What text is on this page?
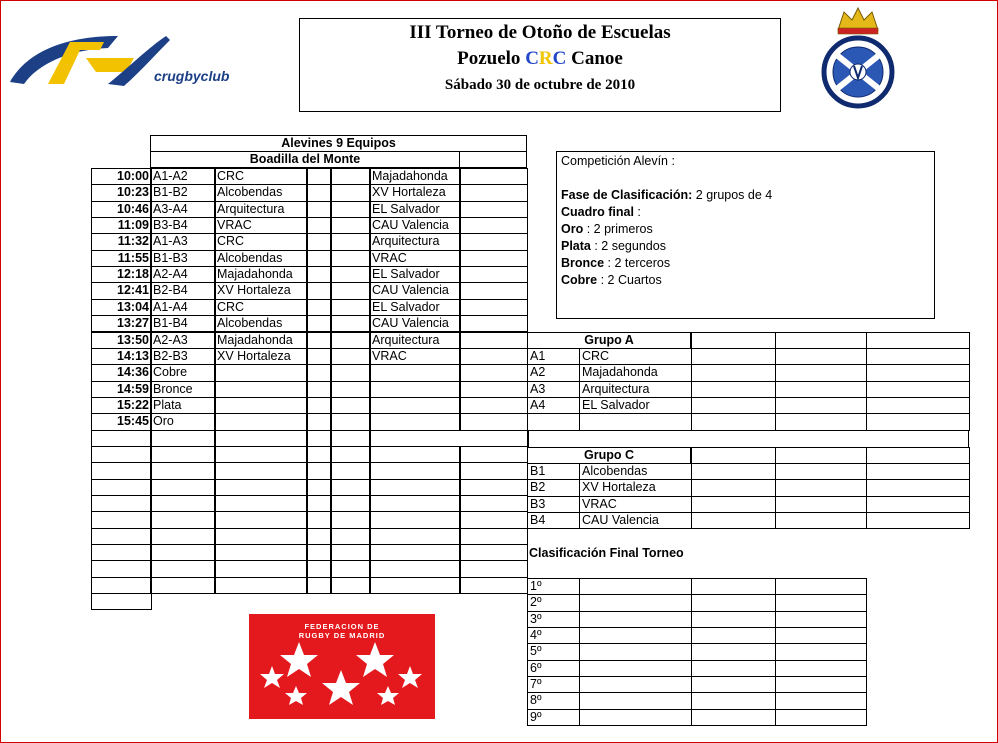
crugbyclub
III Torneo de Otoño de Escuelas
Pozuelo CRC Canoe
Sábado 30 de octubre de 2010
Alevines 9 Equipos
Boadilla del Monte
10:00 A1-A2	CRC	Majadahonda
10:23 B1-B2	Alcobendas	XV Hortaleza
10:46 A3-A4	Arquitectura	EL Salvador
11:09 B3-B4	VRAC	CAU Valencia
11:32 A1-A3	CRC	Arquitectura
11:55 B1-B3	Alcobendas	VRAC
12:18 A2-A4	Majadahonda	EL Salvador
12:41 B2-B4	XV Hortaleza	CAU Valencia
13:04 A1-A4	CRC	EL Salvador
13:27 B1-B4	Alcobendas	CAU Valencia
13:50 A2-A3	Majadahonda	Arquitectura
14:13 B2-B3	XV Hortaleza	VRAC
14:36 Cobre
14:59 Bronce
15:22 Plata
15:45 Oro
Competición Alevín :
Fase de Clasificación: 2 grupos de 4
Cuadro final :
Oro : 2 primeros
Plata : 2 segundos
Bronce : 2 terceros
Cobre : 2 Cuartos
Grupo A
A1	CRC
A2	Majadahonda
A3	Arquitectura
A4	EL Salvador
Grupo C
B1	Alcobendas
B2	XV Hortaleza
B3	VRAC
B4	CAU Valencia
Clasificación Final Torneo
1º
2º
3º
4º
5º
6º
7º
8º
9º
FEDERACION DE
RUGBY DE MADRID
